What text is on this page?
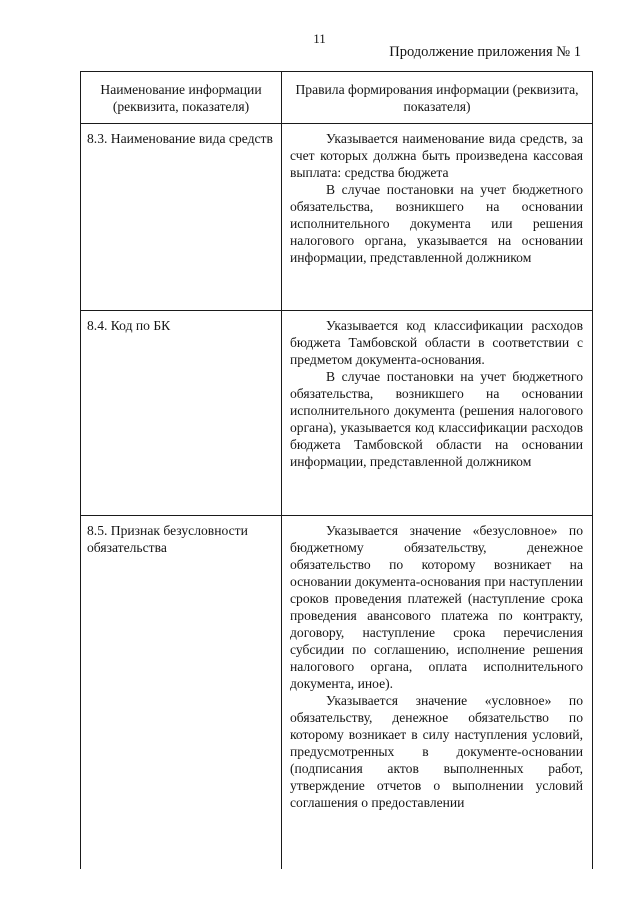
11
Продолжение приложения № 1
Наименование информации (реквизита, показателя)	Правила формирования информации (реквизита, показателя)
8.3. Наименование вида средств	Указывается наименование вида средств, за счет которых должна быть произведена кассовая выплата: средства бюджета

В случае постановки на учет бюджетного обязательства, возникшего на основании исполнительного документа или решения налогового органа, указывается на основании информации, представленной должником

8.4. Код по БК	Указывается код классификации расходов бюджета Тамбовской области в соответствии с предметом документа-основания.

В случае постановки на учет бюджетного обязательства, возникшего на основании исполнительного документа (решения налогового органа), указывается код классификации расходов бюджета Тамбовской области на основании информации, представленной должником

8.5. Признак безусловности обязательства	Указывается значение «безусловное» по бюджетному обязательству, денежное обязательство по которому возникает на основании документа-основания при наступлении сроков проведения платежей (наступление срока проведения авансового платежа по контракту, договору, наступление срока перечисления субсидии по соглашению, исполнение решения налогового органа, оплата исполнительного документа, иное).

Указывается значение «условное» по обязательству, денежное обязательство по которому возникает в силу наступления условий, предусмотренных в документе-основании (подписания актов выполненных работ, утверждение отчетов о выполнении условий соглашения о предоставлении
